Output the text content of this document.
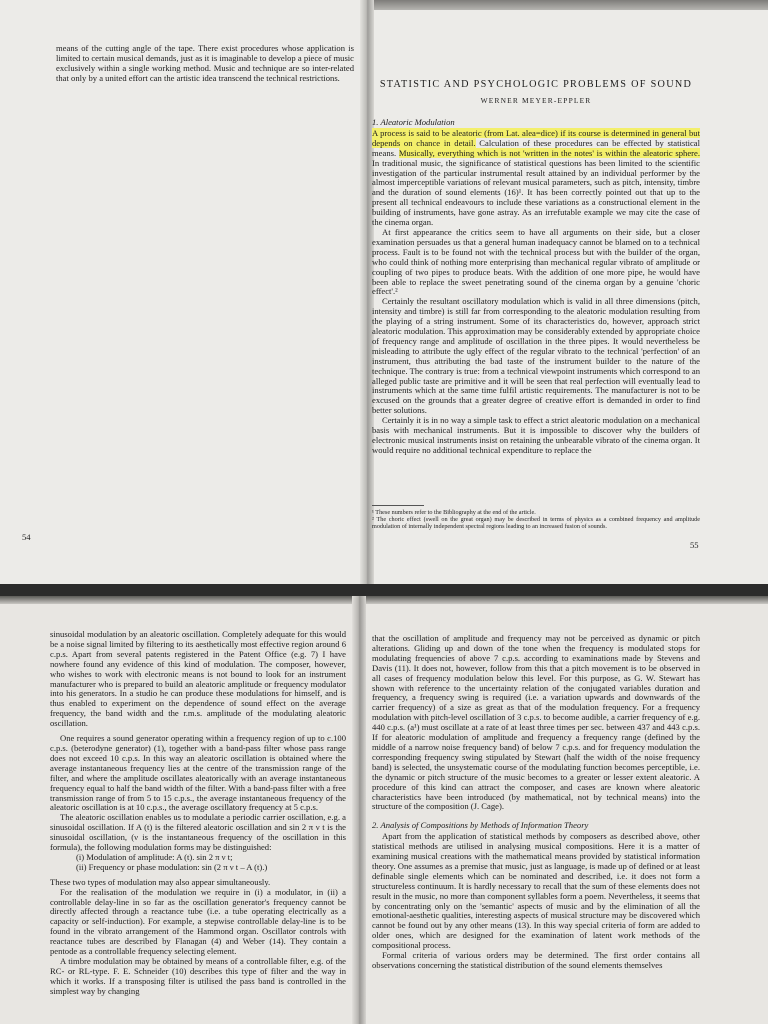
means of the cutting angle of the tape. There exist procedures whose application is limited to certain musical demands, just as it is imaginable to develop a piece of music exclusively within a single working method. Music and technique are so inter-related that only by a united effort can the artistic idea transcend the technical restrictions.

54
STATISTIC AND PSYCHOLOGIC PROBLEMS OF SOUND
WERNER MEYER-EPPLER
1. Aleatoric Modulation

A process is said to be aleatoric (from Lat. alea=dice) if its course is determined in general but depends on chance in detail. Calculation of these procedures can be effected by statistical means. Musically, everything which is not 'written in the notes' is within the aleatoric sphere. In traditional music, the significance of statistical questions has been limited to the scientific investigation of the particular instrumental result attained by an individual performer by the almost imperceptible variations of relevant musical parameters, such as pitch, intensity, timbre and the duration of sound elements (16)¹. It has been correctly pointed out that up to the present all technical endeavours to include these variations as a constructional element in the building of instruments, have gone astray. As an irrefutable example we may cite the case of the cinema organ.

At first appearance the critics seem to have all arguments on their side, but a closer examination persuades us that a general human inadequacy cannot be blamed on to a technical process. Fault is to be found not with the technical process but with the builder of the organ, who could think of nothing more enterprising than mechanical regular vibrato of amplitude or coupling of two pipes to produce beats. With the addition of one more pipe, he would have been able to replace the sweet penetrating sound of the cinema organ by a genuine 'choric effect'.²

Certainly the resultant oscillatory modulation which is valid in all three dimensions (pitch, intensity and timbre) is still far from corresponding to the aleatoric modulation resulting from the playing of a string instrument. Some of its characteristics do, however, approach strict aleatoric modulation. This approximation may be considerably extended by appropriate choice of frequency range and amplitude of oscillation in the three pipes. It would nevertheless be misleading to attribute the ugly effect of the regular vibrato to the technical 'perfection' of an instrument, thus attributing the bad taste of the instrument builder to the nature of the technique. The contrary is true: from a technical viewpoint instruments which correspond to an alleged public taste are primitive and it will be seen that real perfection will eventually lead to instruments which at the same time fulfil artistic requirements. The manufacturer is not to be excused on the grounds that a greater degree of creative effort is demanded in order to find better solutions.

Certainly it is in no way a simple task to effect a strict aleatoric modulation on a mechanical basis with mechanical instruments. But it is impossible to discover why the builders of electronic musical instruments insist on retaining the unbearable vibrato of the cinema organ. It would require no additional technical expenditure to replace the

¹ These numbers refer to the Bibliography at the end of the article.
² The choric effect (swell on the great organ) may be described in terms of physics as a combined frequency and amplitude modulation of internally independent spectral regions leading to an increased fusion of sounds.
55

sinusoidal modulation by an aleatoric oscillation. Completely adequate for this would be a noise signal limited by filtering to its aesthetically most effective region around 6 c.p.s. Apart from several patents registered in the Patent Office (e.g. 7) I have nowhere found any evidence of this kind of modulation. The composer, however, who wishes to work with electronic means is not bound to look for an instrument manufacturer who is prepared to build an aleatoric amplitude or frequency modulator into his generators. In a studio he can produce these modulations for himself, and is thus enabled to experiment on the dependence of sound effect on the average frequency, the band width and the r.m.s. amplitude of the modulating aleatoric oscillation.

One requires a sound generator operating within a frequency region of up to c.100 c.p.s. (beterodyne generator) (1), together with a band-pass filter whose pass range does not exceed 10 c.p.s. In this way an aleatoric oscillation is obtained where the average instantaneous frequency lies at the centre of the transmission range of the filter, and where the amplitude oscillates aleatorically with an average instantaneous frequency equal to half the band width of the filter. With a band-pass filter with a free transmission range of from 5 to 15 c.p.s., the average instantaneous frequency of the aleatoric oscillation is at 10 c.p.s., the average oscillatory frequency at 5 c.p.s.

The aleatoric oscillation enables us to modulate a periodic carrier oscillation, e.g. a sinusoidal oscillation. If A (t) is the filtered aleatoric oscillation and sin 2 π ν t is the sinusoidal oscillation, (ν is the instantaneous frequency of the oscillation in this formula), the following modulation forms may be distinguished:

(i) Modulation of amplitude: A (t). sin 2 π ν t;

(ii) Frequency or phase modulation: sin (2 π ν t – A (t).)

These two types of modulation may also appear simultaneously.

For the realisation of the modulation we require in (i) a modulator, in (ii) a controllable delay-line in so far as the oscillation generator's frequency cannot be directly affected through a reactance tube (i.e. a tube operating electrically as a capacity or self-induction). For example, a stepwise controllable delay-line is to be found in the vibrato arrangement of the Hammond organ. Oscillator controls with reactance tubes are described by Flanagan (4) and Weber (14). They contain a pentode as a controllable frequency selecting element.

A timbre modulation may be obtained by means of a controllable filter, e.g. of the RC- or RL-type. F. E. Schneider (10) describes this type of filter and the way in which it works. If a transposing filter is utilised the pass band is controlled in the simplest way by changing

that the oscillation of amplitude and frequency may not be perceived as dynamic or pitch alterations. Gliding up and down of the tone when the frequency is modulated stops for modulating frequencies of above 7 c.p.s. according to examinations made by Stevens and Davis (11). It does not, however, follow from this that a pitch movement is to be observed in all cases of frequency modulation below this level. For this purpose, as G. W. Stewart has shown with reference to the uncertainty relation of the conjugated variables duration and frequency, a frequency swing is required (i.e. a variation upwards and downwards of the carrier frequency) of a size as great as that of the modulation frequency. For a frequency modulation with pitch-level oscillation of 3 c.p.s. to become audible, a carrier frequency of e.g. 440 c.p.s. (a¹) must oscillate at a rate of at least three times per sec. between 437 and 443 c.p.s. If for aleatoric modulation of amplitude and frequency a frequency range (defined by the middle of a narrow noise frequency band) of below 7 c.p.s. and for frequency modulation the corresponding frequency swing stipulated by Stewart (half the width of the noise frequency band) is selected, the unsystematic course of the modulating function becomes perceptible, i.e. the dynamic or pitch structure of the music becomes to a greater or lesser extent aleatoric. A procedure of this kind can attract the composer, and cases are known where aleatoric characteristics have been introduced (by mathematical, not by technical means) into the structure of the composition (J. Cage).

2. Analysis of Compositions by Methods of Information Theory

Apart from the application of statistical methods by composers as described above, other statistical methods are utilised in analysing musical compositions. Here it is a matter of examining musical creations with the mathematical means provided by statistical information theory. One assumes as a premise that music, just as language, is made up of defined or at least definable single elements which can be nominated and described, i.e. it does not form a structureless continuum. It is hardly necessary to recall that the sum of these elements does not result in the music, no more than component syllables form a poem. Nevertheless, it seems that by concentrating only on the 'semantic' aspects of music and by the elimination of all the emotional-aesthetic qualities, interesting aspects of musical structure may be discovered which cannot be found out by any other means (13). In this way special criteria of form are added to older ones, which are designed for the examination of latent work methods of the compositional process.

Formal criteria of various orders may be determined. The first order contains all observations concerning the statistical distribution of the sound elements themselves
